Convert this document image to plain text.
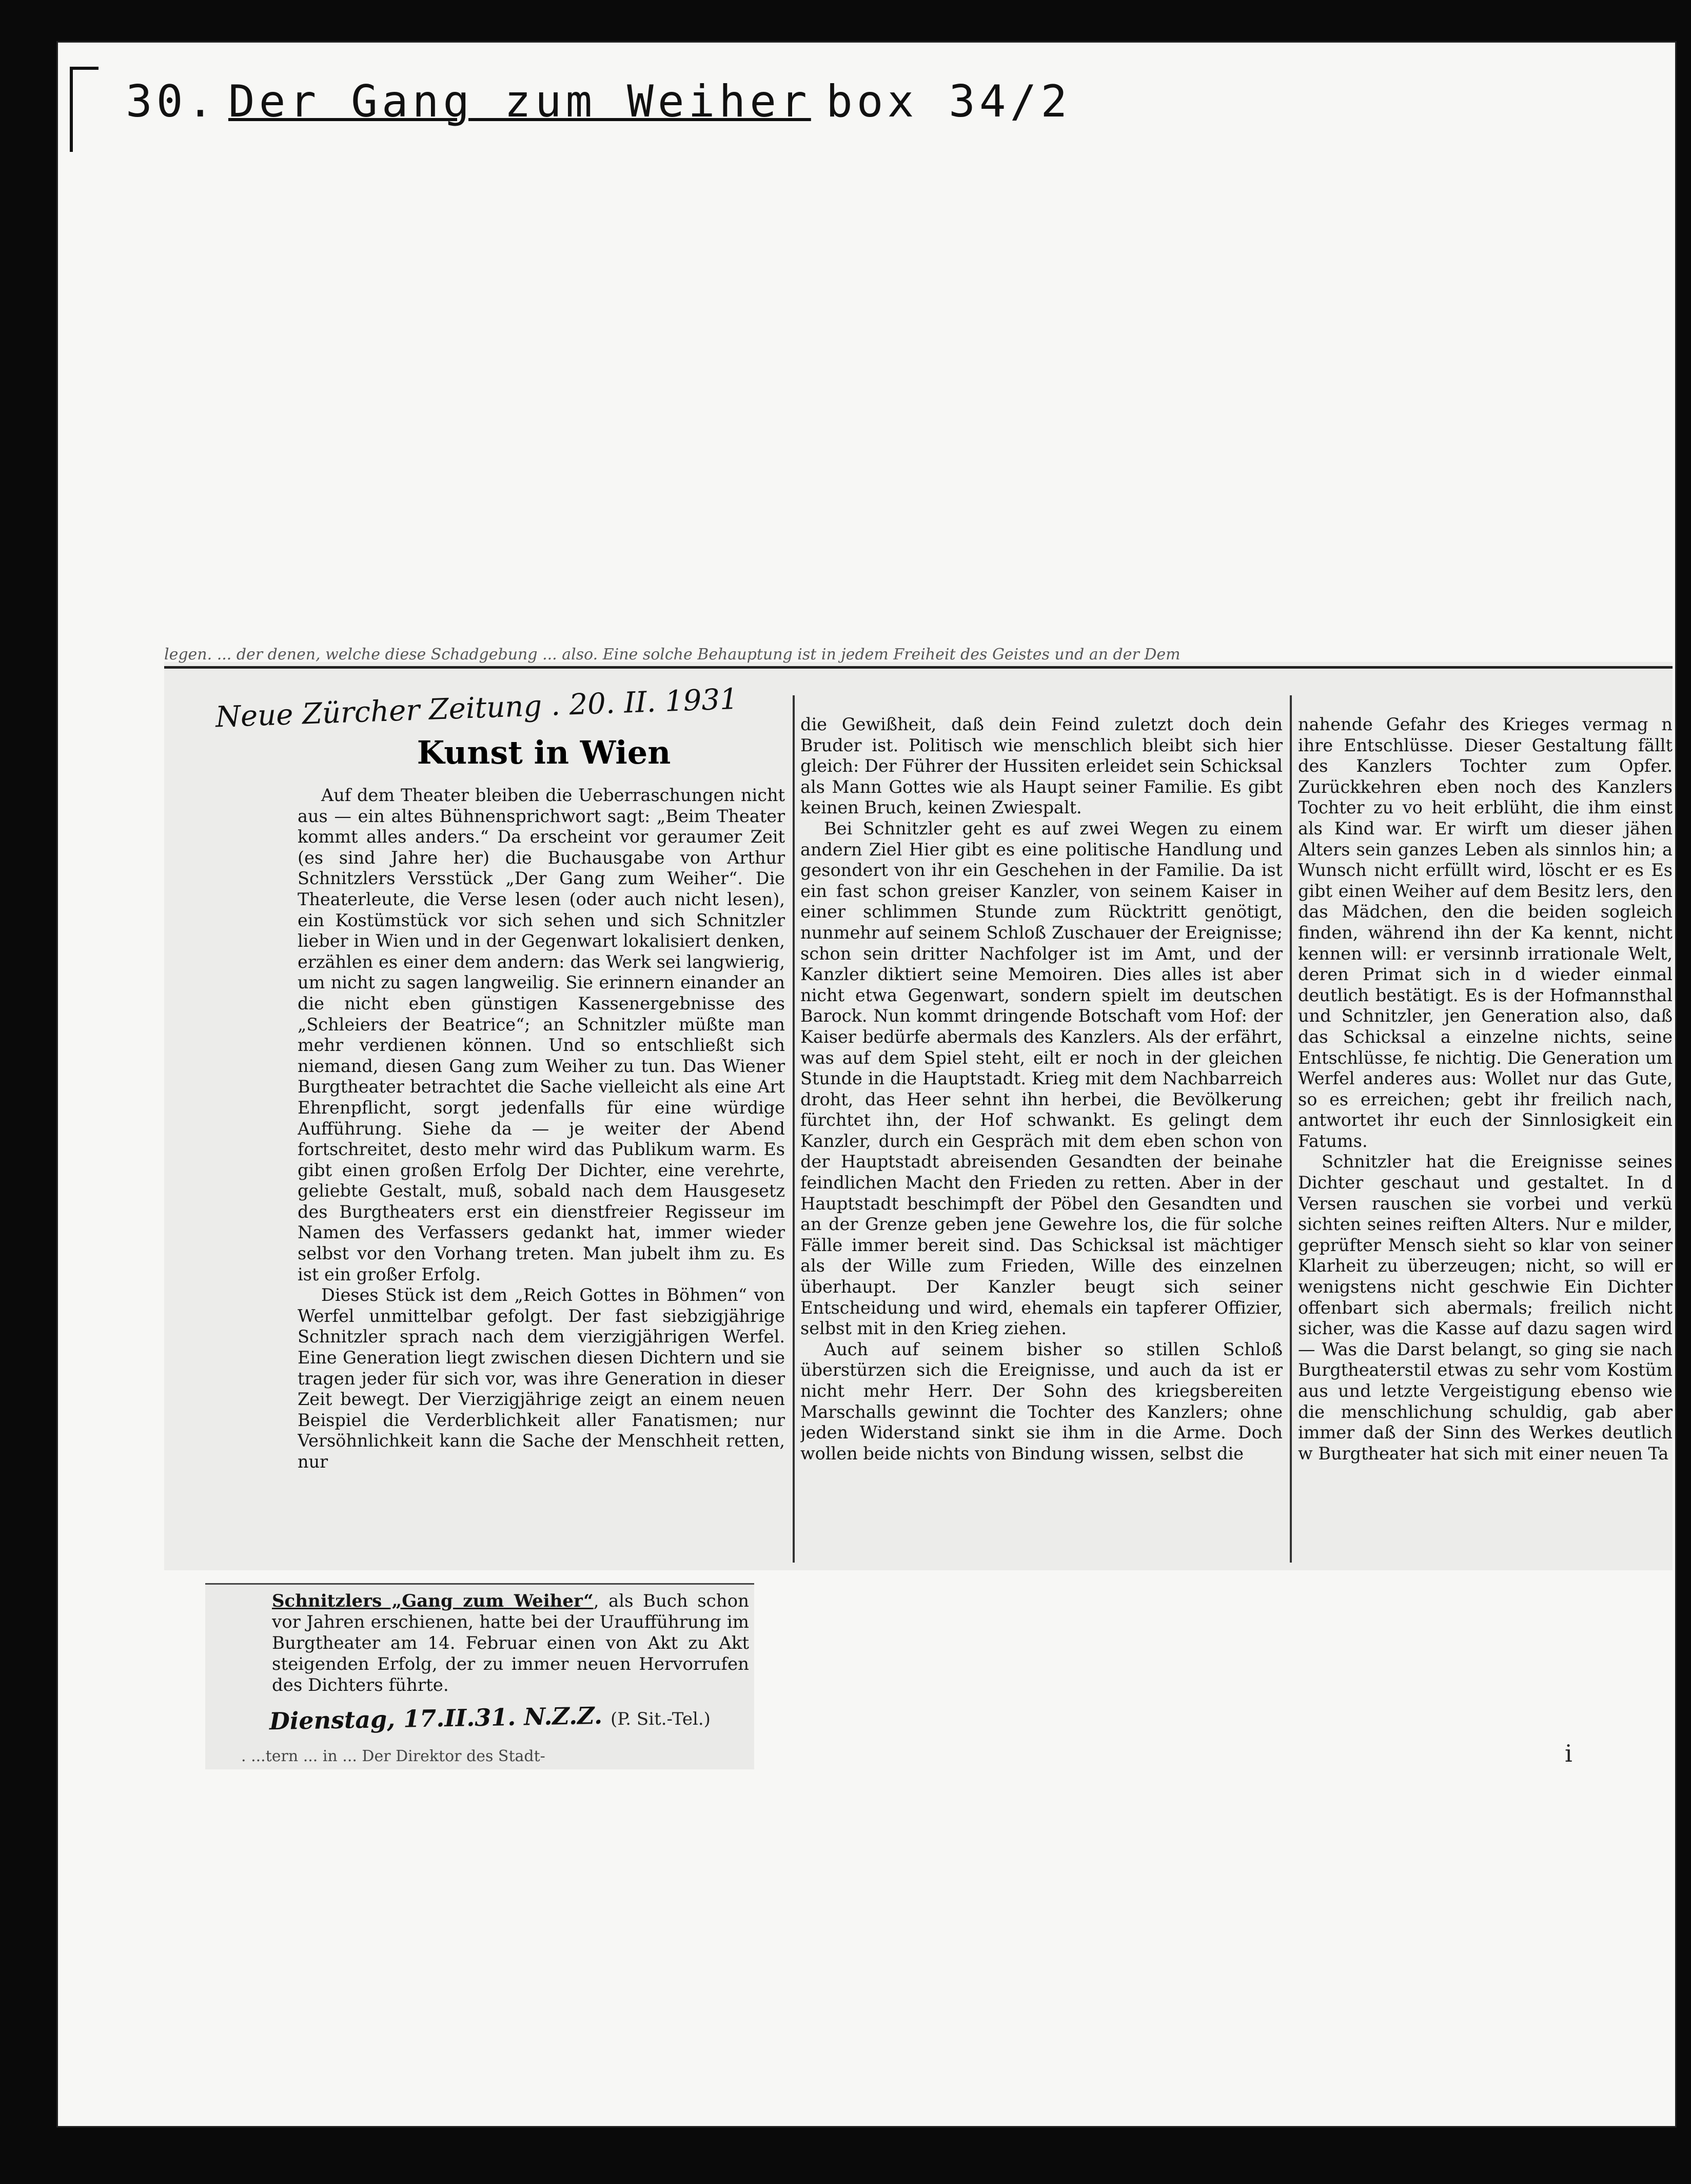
30. Der Gang zum Weiher box 34/2
legen. ... der denen, welche diese Schadgebung ... also. Eine solche Behauptung ist in jedem Freiheit des Geistes und an der Dem
Neue Zürcher Zeitung . 20. II. 1931
Kunst in Wien

Auf dem Theater bleiben die Ueberraschungen nicht aus — ein altes Bühnensprichwort sagt: „Beim Theater kommt alles anders.“ Da erscheint vor geraumer Zeit (es sind Jahre her) die Buchausgabe von Arthur Schnitzlers Versstück „Der Gang zum Weiher“. Die Theaterleute, die Verse lesen (oder auch nicht lesen), ein Kostümstück vor sich sehen und sich Schnitzler lieber in Wien und in der Gegenwart lokalisiert denken, erzählen es einer dem andern: das Werk sei langwierig, um nicht zu sagen langweilig. Sie erinnern einander an die nicht eben günstigen Kassenergebnisse des „Schleiers der Beatrice“; an Schnitzler müßte man mehr verdienen können. Und so entschließt sich niemand, diesen Gang zum Weiher zu tun. Das Wiener Burgtheater betrachtet die Sache vielleicht als eine Art Ehrenpflicht, sorgt jedenfalls für eine würdige Aufführung. Siehe da — je weiter der Abend fortschreitet, desto mehr wird das Publikum warm. Es gibt einen großen Erfolg Der Dichter, eine verehrte, geliebte Gestalt, muß, sobald nach dem Hausgesetz des Burgtheaters erst ein dienstfreier Regisseur im Namen des Verfassers gedankt hat, immer wieder selbst vor den Vorhang treten. Man jubelt ihm zu. Es ist ein großer Erfolg.

Dieses Stück ist dem „Reich Gottes in Böhmen“ von Werfel unmittelbar gefolgt. Der fast siebzigjährige Schnitzler sprach nach dem vierzigjährigen Werfel. Eine Generation liegt zwischen diesen Dichtern und sie tragen jeder für sich vor, was ihre Generation in dieser Zeit bewegt. Der Vierzigjährige zeigt an einem neuen Beispiel die Verderblichkeit aller Fanatismen; nur Versöhnlichkeit kann die Sache der Menschheit retten, nur

die Gewißheit, daß dein Feind zuletzt doch dein Bruder ist. Politisch wie menschlich bleibt sich hier gleich: Der Führer der Hussiten erleidet sein Schicksal als Mann Gottes wie als Haupt seiner Familie. Es gibt keinen Bruch, keinen Zwiespalt.

Bei Schnitzler geht es auf zwei Wegen zu einem andern Ziel Hier gibt es eine politische Handlung und gesondert von ihr ein Geschehen in der Familie. Da ist ein fast schon greiser Kanzler, von seinem Kaiser in einer schlimmen Stunde zum Rücktritt genötigt, nunmehr auf seinem Schloß Zuschauer der Ereignisse; schon sein dritter Nachfolger ist im Amt, und der Kanzler diktiert seine Memoiren. Dies alles ist aber nicht etwa Gegenwart, sondern spielt im deutschen Barock. Nun kommt dringende Botschaft vom Hof: der Kaiser bedürfe abermals des Kanzlers. Als der erfährt, was auf dem Spiel steht, eilt er noch in der gleichen Stunde in die Hauptstadt. Krieg mit dem Nachbarreich droht, das Heer sehnt ihn herbei, die Bevölkerung fürchtet ihn, der Hof schwankt. Es gelingt dem Kanzler, durch ein Gespräch mit dem eben schon von der Hauptstadt abreisenden Gesandten der beinahe feindlichen Macht den Frieden zu retten. Aber in der Hauptstadt beschimpft der Pöbel den Gesandten und an der Grenze geben jene Gewehre los, die für solche Fälle immer bereit sind. Das Schicksal ist mächtiger als der Wille zum Frieden, Wille des einzelnen überhaupt. Der Kanzler beugt sich seiner Entscheidung und wird, ehemals ein tapferer Offizier, selbst mit in den Krieg ziehen.

Auch auf seinem bisher so stillen Schloß überstürzen sich die Ereignisse, und auch da ist er nicht mehr Herr. Der Sohn des kriegsbereiten Marschalls gewinnt die Tochter des Kanzlers; ohne jeden Widerstand sinkt sie ihm in die Arme. Doch wollen beide nichts von Bindung wissen, selbst die

nahende Gefahr des Krieges vermag n ihre Entschlüsse. Dieser Gestaltung fällt des Kanzlers Tochter zum Opfer. Zurückkehren eben noch des Kanzlers Tochter zu vo heit erblüht, die ihm einst als Kind war. Er wirft um dieser jähen Alters sein ganzes Leben als sinnlos hin; a Wunsch nicht erfüllt wird, löscht er es Es gibt einen Weiher auf dem Besitz lers, den das Mädchen, den die beiden sogleich finden, während ihn der Ka kennt, nicht kennen will: er versinnb irrationale Welt, deren Primat sich in d wieder einmal deutlich bestätigt. Es is der Hofmannsthal und Schnitzler, jen Generation also, daß das Schicksal a einzelne nichts, seine Entschlüsse, fe nichtig. Die Generation um Werfel anderes aus: Wollet nur das Gute, so es erreichen; gebt ihr freilich nach, antwortet ihr euch der Sinnlosigkeit ein Fatums.

Schnitzler hat die Ereignisse seines Dichter geschaut und gestaltet. In d Versen rauschen sie vorbei und verkü sichten seines reiften Alters. Nur e milder, geprüfter Mensch sieht so klar von seiner Klarheit zu überzeugen; nicht, so will er wenigstens nicht geschwie Ein Dichter offenbart sich abermals; freilich nicht sicher, was die Kasse auf dazu sagen wird — Was die Darst belangt, so ging sie nach Burgtheaterstil etwas zu sehr vom Kostüm aus und letzte Vergeistigung ebenso wie die menschlichung schuldig, gab aber immer daß der Sinn des Werkes deutlich w Burgtheater hat sich mit einer neuen Ta

Schnitzlers „Gang zum Weiher“, als Buch schon vor Jahren erschienen, hatte bei der Uraufführung im Burgtheater am 14. Februar einen von Akt zu Akt steigenden Erfolg, der zu immer neuen Hervorrufen des Dichters führte.
Dienstag, 17.II.31. N.Z.Z. (P. Sit.-Tel.)
. ...tern ... in ... Der Direktor des Stadt-	i
